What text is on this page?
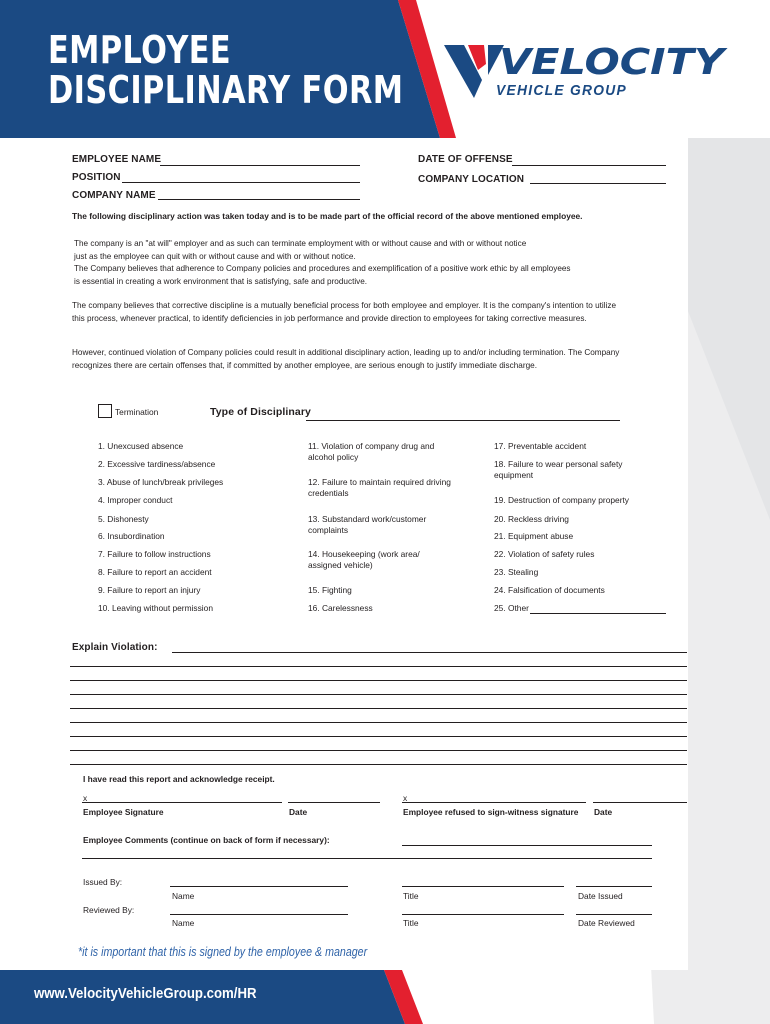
EMPLOYEE
DISCIPLINARY FORM
VELOCITY
VEHICLE GROUP
EMPLOYEE NAME
POSITION
COMPANY NAME
DATE OF OFFENSE
COMPANY LOCATION
The following disciplinary action was taken today and is to be made part of the official record of the above mentioned employee.
The company is an "at will" employer and as such can terminate employment with or without cause and with or without notice
just as the employee can quit with or without cause and with or without notice.
The Company believes that adherence to Company policies and procedures and exemplification of a positive work ethic by all employees
is essential in creating a work environment that is satisfying, safe and productive.
The company believes that corrective discipline is a mutually beneficial process for both employee and employer. It is the company's intention to utilize this process, whenever practical, to identify deficiencies in job performance and provide direction to employees for taking corrective measures.
However, continued violation of Company policies could result in additional disciplinary action, leading up to and/or including termination. The Company recognizes there are certain offenses that, if committed by another employee, are serious enough to justify immediate discharge.
Termination	Type of Disciplinary
1. Unexcused absence
2. Excessive tardiness/absence
3. Abuse of lunch/break privileges
4. Improper conduct
5. Dishonesty
6. Insubordination
7. Failure to follow instructions
8. Failure to report an accident
9. Failure to report an injury
10. Leaving without permission
11. Violation of company drug and alcohol policy
12. Failure to maintain required driving credentials
13. Substandard work/customer complaints
14. Housekeeping (work area/ assigned vehicle)
15. Fighting
16. Carelessness
17. Preventable accident
18. Failure to wear personal safety equipment
19. Destruction of company property
20. Reckless driving
21. Equipment abuse
22. Violation of safety rules
23. Stealing
24. Falsification of documents
25. Other
Explain Violation:
I have read this report and acknowledge receipt.
x
Employee Signature	Date
x
Employee refused to sign-witness signature Date
Employee Comments (continue on back of form if necessary):
Issued By:
Name	Title	Date Issued
Reviewed By:
Name	Title	Date Reviewed
*it is important that this is signed by the employee & manager
www.VelocityVehicleGroup.com/HR
